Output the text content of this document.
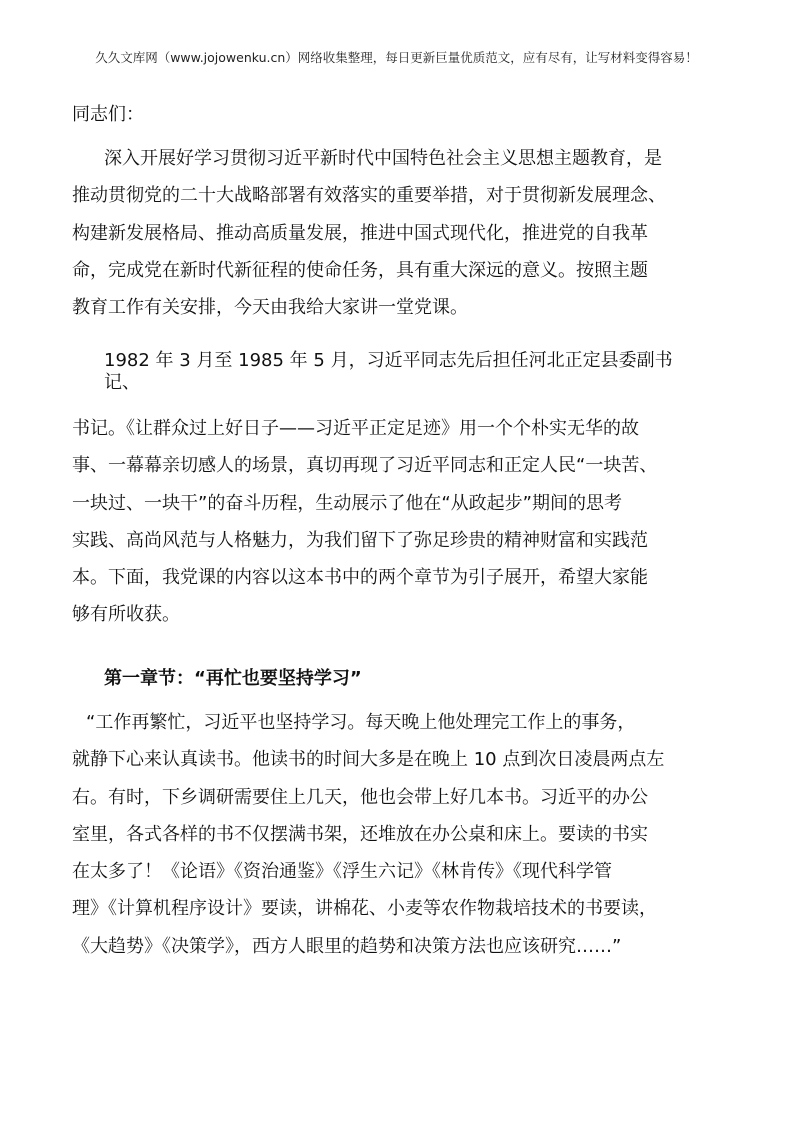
久久文库网（www.jojowenku.cn）网络收集整理，每日更新巨量优质范文，应有尽有，让写材料变得容易！

同志们：

深入开展好学习贯彻习近平新时代中国特色社会主义思想主题教育，是
推动贯彻党的二十大战略部署有效落实的重要举措，对于贯彻新发展理念、
构建新发展格局、推动高质量发展，推进中国式现代化，推进党的自我革
命，完成党在新时代新征程的使命任务，具有重大深远的意义。按照主题
教育工作有关安排，今天由我给大家讲一堂党课。

1982 年 3 月至 1985 年 5 月，习近平同志先后担任河北正定县委副书
记、

书记。《让群众过上好日子——习近平正定足迹》用一个个朴实无华的故
事、一幕幕亲切感人的场景，真切再现了习近平同志和正定人民“一块苦、
一块过、一块干”的奋斗历程，生动展示了他在“从政起步”期间的思考
实践、高尚风范与人格魅力，为我们留下了弥足珍贵的精神财富和实践范
本。下面，我党课的内容以这本书中的两个章节为引子展开，希望大家能
够有所收获。

第一章节：“再忙也要坚持学习”

“工作再繁忙，习近平也坚持学习。每天晚上他处理完工作上的事务，
就静下心来认真读书。他读书的时间大多是在晚上 10 点到次日凌晨两点左
右。有时，下乡调研需要住上几天，他也会带上好几本书。习近平的办公
室里，各式各样的书不仅摆满书架，还堆放在办公桌和床上。要读的书实
在太多了！《论语》《资治通鉴》《浮生六记》《林肯传》《现代科学管
理》《计算机程序设计》要读，讲棉花、小麦等农作物栽培技术的书要读，
《大趋势》《决策学》，西方人眼里的趋势和决策方法也应该研究……”
